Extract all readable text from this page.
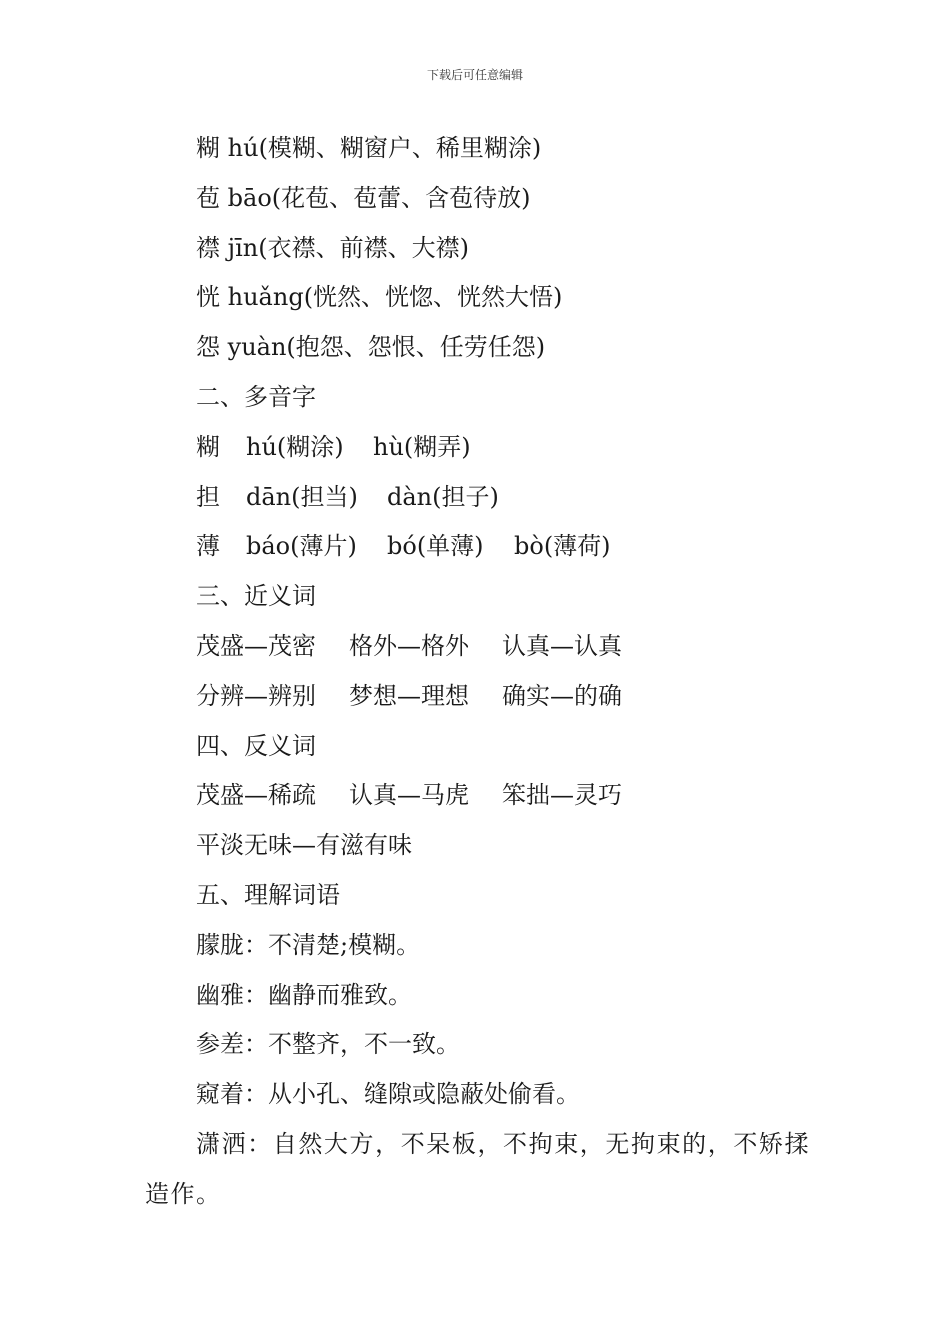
下载后可任意编辑
糊 hú(模糊、糊窗户、稀里糊涂)
苞 bāo(花苞、苞蕾、含苞待放)
襟 jīn(衣襟、前襟、大襟)
恍 huǎng(恍然、恍惚、恍然大悟)
怨 yuàn(抱怨、怨恨、任劳任怨)
二、多音字
糊 hú(糊涂) hù(糊弄)
担 dān(担当) dàn(担子)
薄 báo(薄片) bó(单薄) bò(薄荷)
三、近义词
茂盛—茂密 格外—格外 认真—认真
分辨—辨别 梦想—理想 确实—的确
四、反义词
茂盛—稀疏 认真—马虎 笨拙—灵巧
平淡无味—有滋有味
五、理解词语
朦胧：不清楚;模糊。
幽雅：幽静而雅致。
参差：不整齐，不一致。
窥着：从小孔、缝隙或隐蔽处偷看。
潇洒：自然大方，不呆板，不拘束，无拘束的，不矫揉造作。
